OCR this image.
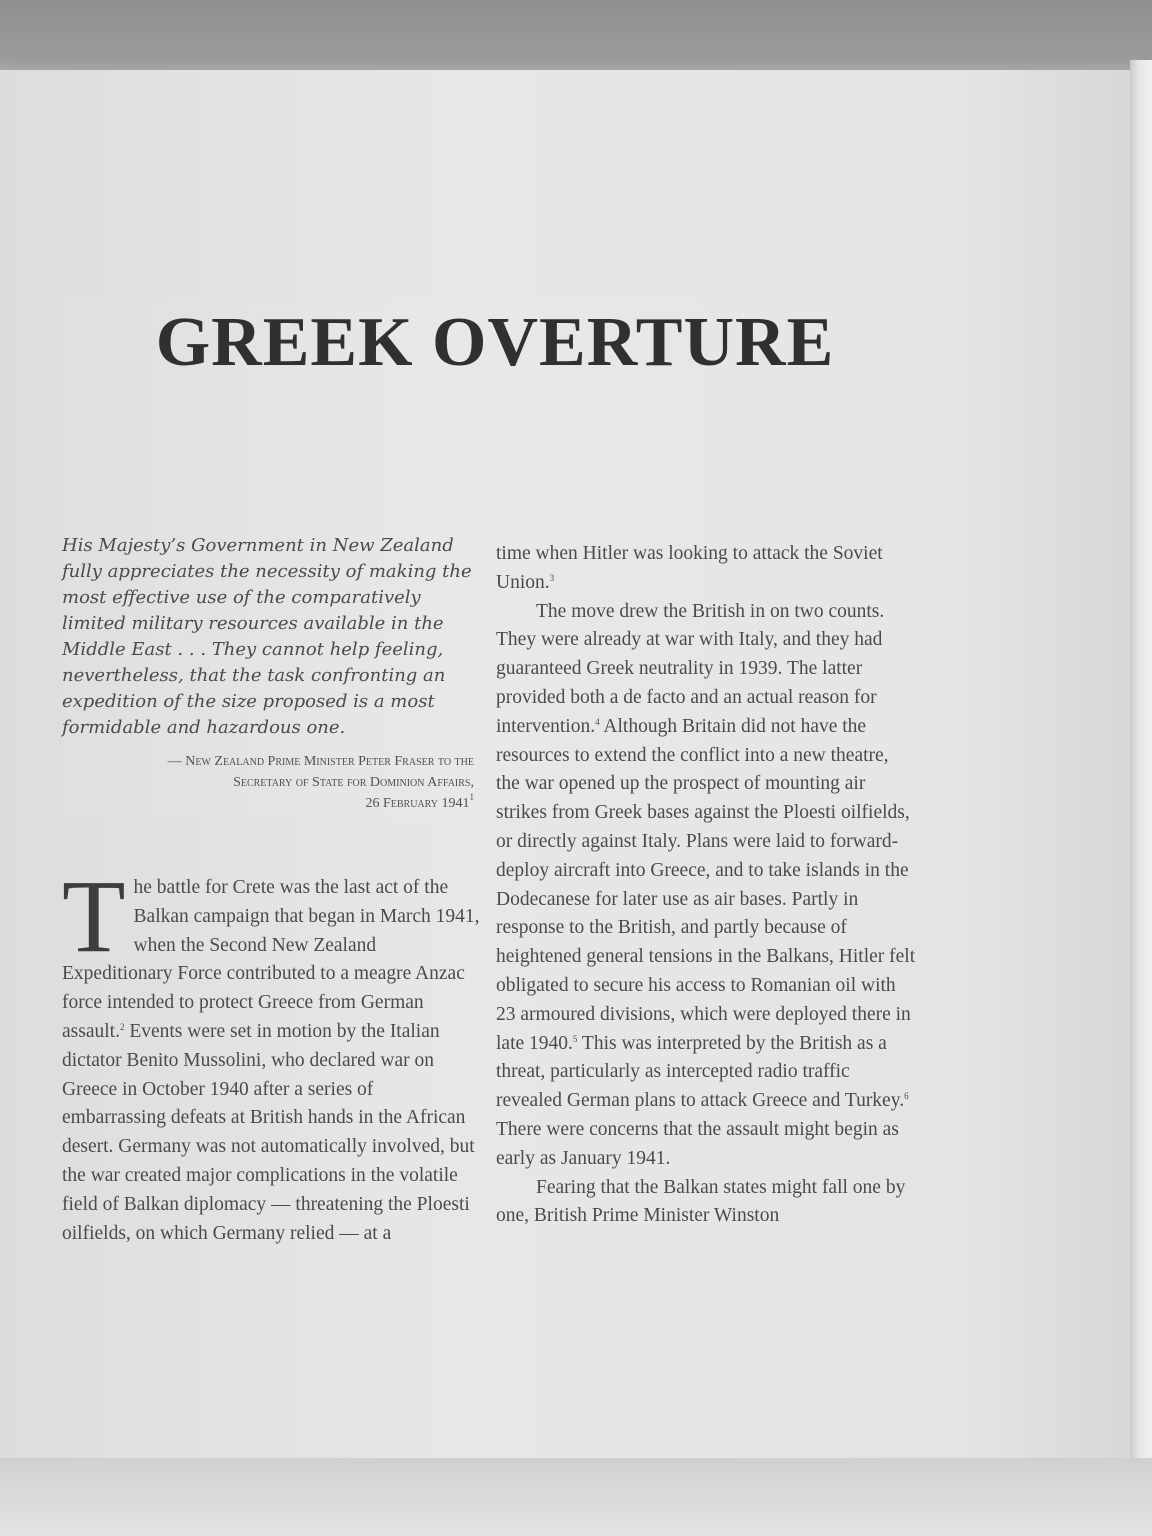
GREEK OVERTURE

His Majesty’s Government in New Zealand fully appreciates the necessity of making the most effective use of the comparatively limited military resources available in the Middle East . . . They cannot help feeling, nevertheless, that the task confronting an expedition of the size proposed is a most formidable and hazardous one.

— New Zealand Prime Minister Peter Fraser to the
Secretary of State for Dominion Affairs,
26 February 1941$^1$

The battle for Crete was the last act of the Balkan campaign that began in March 1941, when the Second New Zealand Expeditionary Force contributed to a meagre Anzac force intended to protect Greece from German assault.$^2$ Events were set in motion by the Italian dictator Benito Mussolini, who declared war on Greece in October 1940 after a series of embarrassing defeats at British hands in the African desert. Germany was not automatically involved, but the war created major complications in the volatile field of Balkan diplomacy — threatening the Ploesti oilfields, on which Germany relied — at a

time when Hitler was looking to attack the Soviet Union.$^3$

The move drew the British in on two counts. They were already at war with Italy, and they had guaranteed Greek neutrality in 1939. The latter provided both a de facto and an actual reason for intervention.$^4$ Although Britain did not have the resources to extend the conflict into a new theatre, the war opened up the prospect of mounting air strikes from Greek bases against the Ploesti oilfields, or directly against Italy. Plans were laid to forward-deploy aircraft into Greece, and to take islands in the Dodecanese for later use as air bases. Partly in response to the British, and partly because of heightened general tensions in the Balkans, Hitler felt obligated to secure his access to Romanian oil with 23 armoured divisions, which were deployed there in late 1940.$^5$ This was interpreted by the British as a threat, particularly as intercepted radio traffic revealed German plans to attack Greece and Turkey.$^6$ There were concerns that the assault might begin as early as January 1941.

Fearing that the Balkan states might fall one by one, British Prime Minister Winston
